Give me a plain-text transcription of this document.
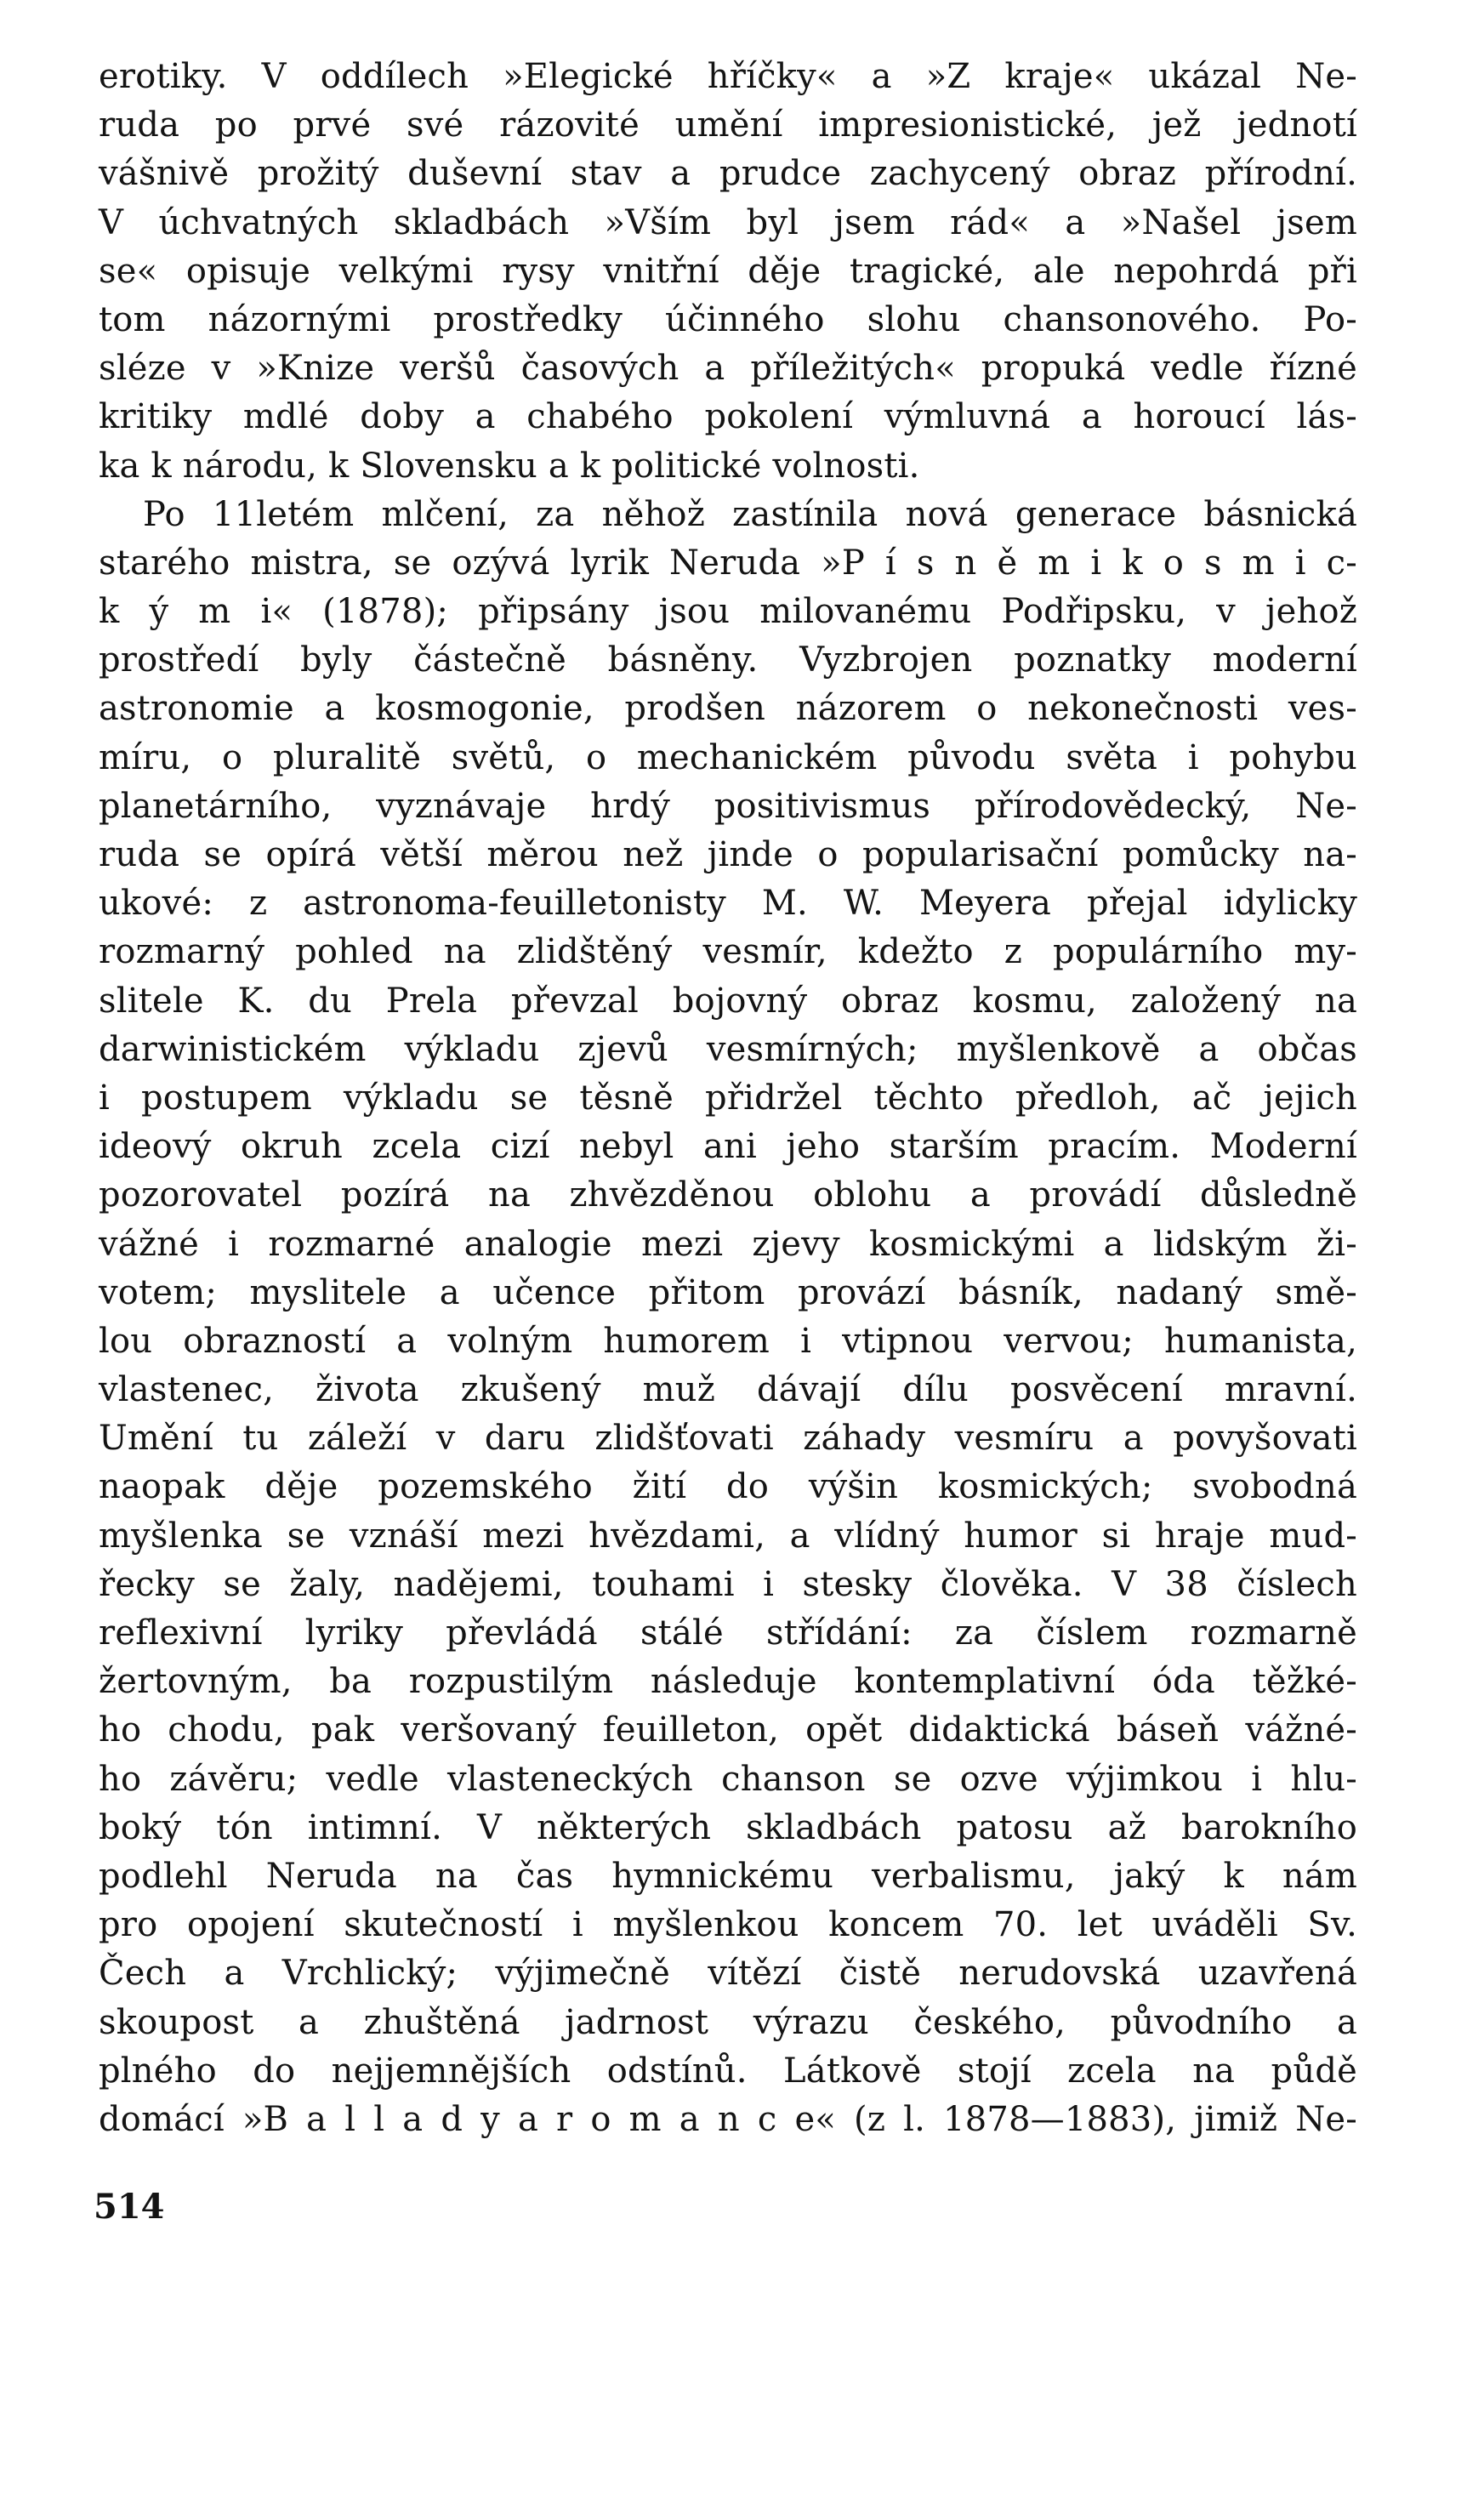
erotiky. V oddílech »Elegické hříčky« a »Z kraje« ukázal Ne-
ruda po prvé své rázovité umění impresionistické, jež jednotí
vášnivě prožitý duševní stav a prudce zachycený obraz přírodní.
V úchvatných skladbách »Vším byl jsem rád« a »Našel jsem
se« opisuje velkými rysy vnitřní děje tragické, ale nepohrdá při
tom názornými prostředky účinného slohu chansonového. Po-
sléze v »Knize veršů časových a příležitých« propuká vedle řízné
kritiky mdlé doby a chabého pokolení výmluvná a horoucí lás-
ka k národu, k Slovensku a k politické volnosti.
Po 11letém mlčení, za něhož zastínila nová generace básnická
starého mistra, se ozývá lyrik Neruda »P í s n ě m i k o s m i c-
k ý m i« (1878); připsány jsou milovanému Podřipsku, v jehož
prostředí byly částečně básněny. Vyzbrojen poznatky moderní
astronomie a kosmogonie, prodšen názorem o nekonečnosti ves-
míru, o pluralitě světů, o mechanickém původu světa i pohybu
planetárního, vyznávaje hrdý positivismus přírodovědecký, Ne-
ruda se opírá větší měrou než jinde o popularisační pomůcky na-
ukové: z astronoma-feuilletonisty M. W. Meyera přejal idylicky
rozmarný pohled na zlidštěný vesmír, kdežto z populárního my-
slitele K. du Prela převzal bojovný obraz kosmu, založený na
darwinistickém výkladu zjevů vesmírných; myšlenkově a občas
i postupem výkladu se těsně přidržel těchto předloh, ač jejich
ideový okruh zcela cizí nebyl ani jeho starším pracím. Moderní
pozorovatel pozírá na zhvězděnou oblohu a provádí důsledně
vážné i rozmarné analogie mezi zjevy kosmickými a lidským ži-
votem; myslitele a učence přitom provází básník, nadaný smě-
lou obrazností a volným humorem i vtipnou vervou; humanista,
vlastenec, života zkušený muž dávají dílu posvěcení mravní.
Umění tu záleží v daru zlidšťovati záhady vesmíru a povyšovati
naopak děje pozemského žití do výšin kosmických; svobodná
myšlenka se vznáší mezi hvězdami, a vlídný humor si hraje mud-
řecky se žaly, nadějemi, touhami i stesky člověka. V 38 číslech
reflexivní lyriky převládá stálé střídání: za číslem rozmarně
žertovným, ba rozpustilým následuje kontemplativní óda těžké-
ho chodu, pak veršovaný feuilleton, opět didaktická báseň vážné-
ho závěru; vedle vlasteneckých chanson se ozve výjimkou i hlu-
boký tón intimní. V některých skladbách patosu až barokního
podlehl Neruda na čas hymnickému verbalismu, jaký k nám
pro opojení skutečností i myšlenkou koncem 70. let uváděli Sv.
Čech a Vrchlický; výjimečně vítězí čistě nerudovská uzavřená
skoupost a zhuštěná jadrnost výrazu českého, původního a
plného do nejjemnějších odstínů. Látkově stojí zcela na půdě
domácí »B a l l a d y a r o m a n c e« (z l. 1878—1883), jimiž Ne-
514
